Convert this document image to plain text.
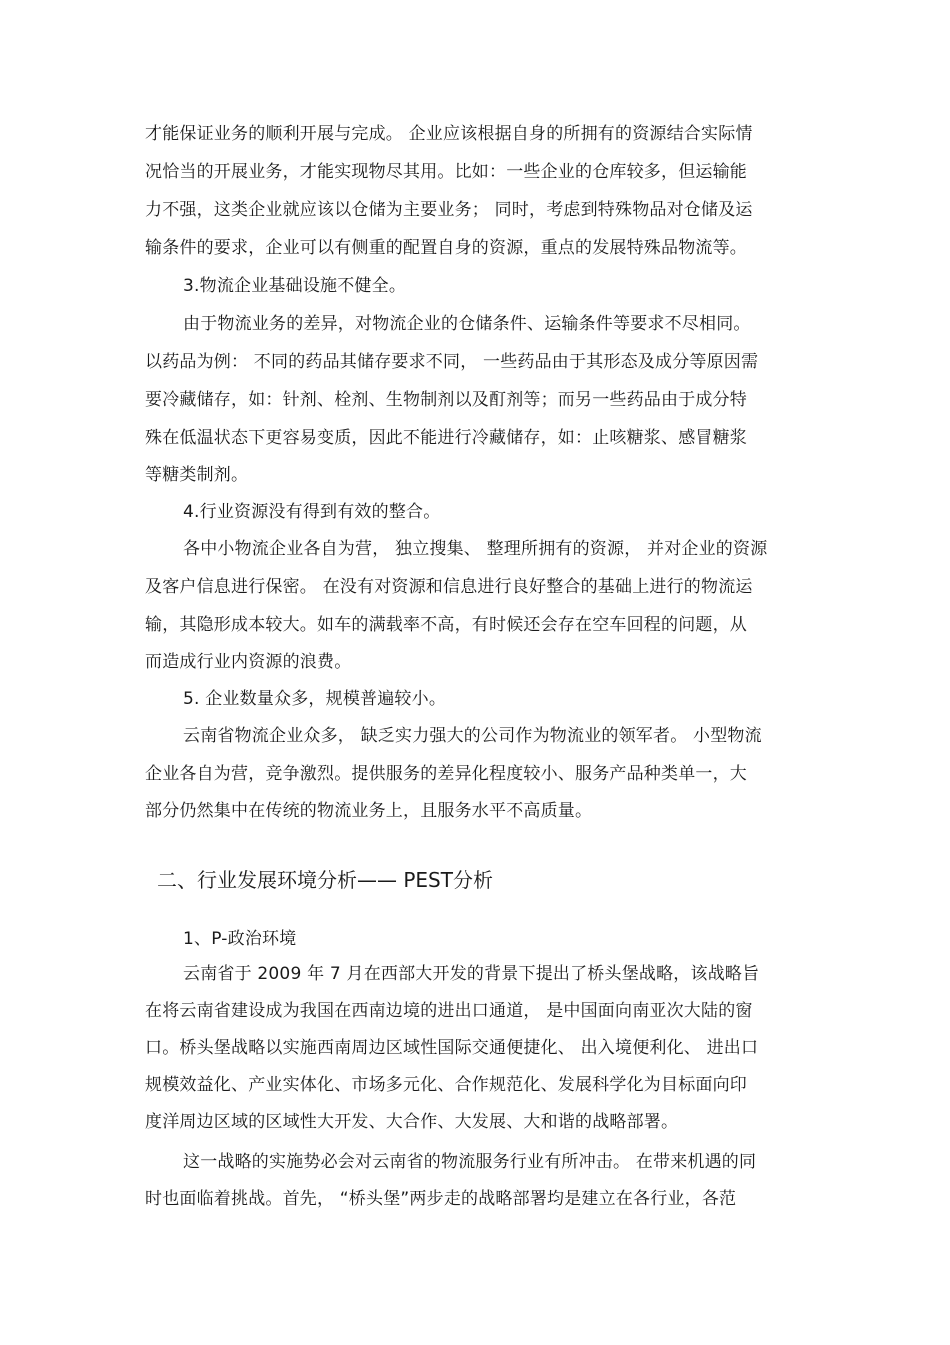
才能保证业务的顺利开展与完成。 企业应该根据自身的所拥有的资源结合实际情
况恰当的开展业务，才能实现物尽其用。比如：一些企业的仓库较多，但运输能
力不强，这类企业就应该以仓储为主要业务； 同时，考虑到特殊物品对仓储及运
输条件的要求，企业可以有侧重的配置自身的资源，重点的发展特殊品物流等。
3.物流企业基础设施不健全。
由于物流业务的差异，对物流企业的仓储条件、运输条件等要求不尽相同。
以药品为例： 不同的药品其储存要求不同， 一些药品由于其形态及成分等原因需
要冷藏储存，如：针剂、栓剂、生物制剂以及酊剂等；而另一些药品由于成分特
殊在低温状态下更容易变质，因此不能进行冷藏储存，如：止咳糖浆、感冒糖浆
等糖类制剂。
4.行业资源没有得到有效的整合。
各中小物流企业各自为营， 独立搜集、 整理所拥有的资源， 并对企业的资源
及客户信息进行保密。 在没有对资源和信息进行良好整合的基础上进行的物流运
输，其隐形成本较大。如车的满载率不高，有时候还会存在空车回程的问题，从
而造成行业内资源的浪费。
5. 企业数量众多，规模普遍较小。
云南省物流企业众多， 缺乏实力强大的公司作为物流业的领军者。 小型物流
企业各自为营，竞争激烈。提供服务的差异化程度较小、服务产品种类单一，大
部分仍然集中在传统的物流业务上，且服务水平不高质量。
二、行业发展环境分析—— PEST分析
1、P-政治环境
云南省于 2009 年 7 月在西部大开发的背景下提出了桥头堡战略，该战略旨
在将云南省建设成为我国在西南边境的进出口通道， 是中国面向南亚次大陆的窗
口。桥头堡战略以实施西南周边区域性国际交通便捷化、 出入境便利化、 进出口
规模效益化、产业实体化、市场多元化、合作规范化、发展科学化为目标面向印
度洋周边区域的区域性大开发、大合作、大发展、大和谐的战略部署。
这一战略的实施势必会对云南省的物流服务行业有所冲击。 在带来机遇的同
时也面临着挑战。首先， “桥头堡”两步走的战略部署均是建立在各行业，各范
